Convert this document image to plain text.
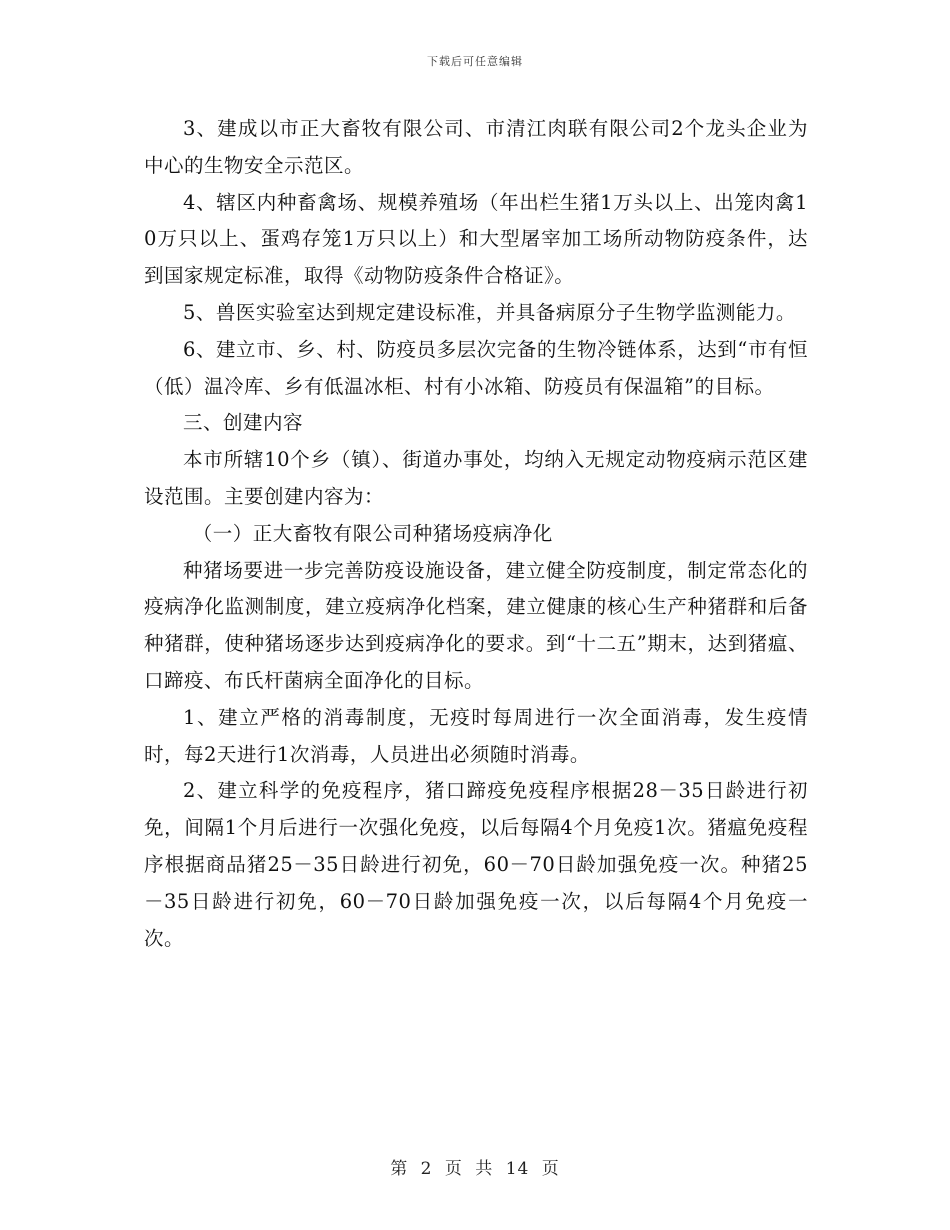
下载后可任意编辑

3、建成以市正大畜牧有限公司、市清江肉联有限公司2个龙头企业为中心的生物安全示范区。

4、辖区内种畜禽场、规模养殖场（年出栏生猪1万头以上、出笼肉禽10万只以上、蛋鸡存笼1万只以上）和大型屠宰加工场所动物防疫条件，达到国家规定标准，取得《动物防疫条件合格证》。

5、兽医实验室达到规定建设标准，并具备病原分子生物学监测能力。

6、建立市、乡、村、防疫员多层次完备的生物冷链体系，达到“市有恒（低）温冷库、乡有低温冰柜、村有小冰箱、防疫员有保温箱”的目标。

三、创建内容

本市所辖10个乡（镇）、街道办事处，均纳入无规定动物疫病示范区建设范围。主要创建内容为：

（一）正大畜牧有限公司种猪场疫病净化

种猪场要进一步完善防疫设施设备，建立健全防疫制度，制定常态化的疫病净化监测制度，建立疫病净化档案，建立健康的核心生产种猪群和后备种猪群，使种猪场逐步达到疫病净化的要求。到“十二五”期末，达到猪瘟、口蹄疫、布氏杆菌病全面净化的目标。

1、建立严格的消毒制度，无疫时每周进行一次全面消毒，发生疫情时，每2天进行1次消毒，人员进出必须随时消毒。

2、建立科学的免疫程序，猪口蹄疫免疫程序根据28－35日龄进行初免，间隔1个月后进行一次强化免疫，以后每隔4个月免疫1次。猪瘟免疫程序根据商品猪25－35日龄进行初免，60－70日龄加强免疫一次。种猪25－35日龄进行初免，60－70日龄加强免疫一次，以后每隔4个月免疫一次。

第 2 页 共 14 页
